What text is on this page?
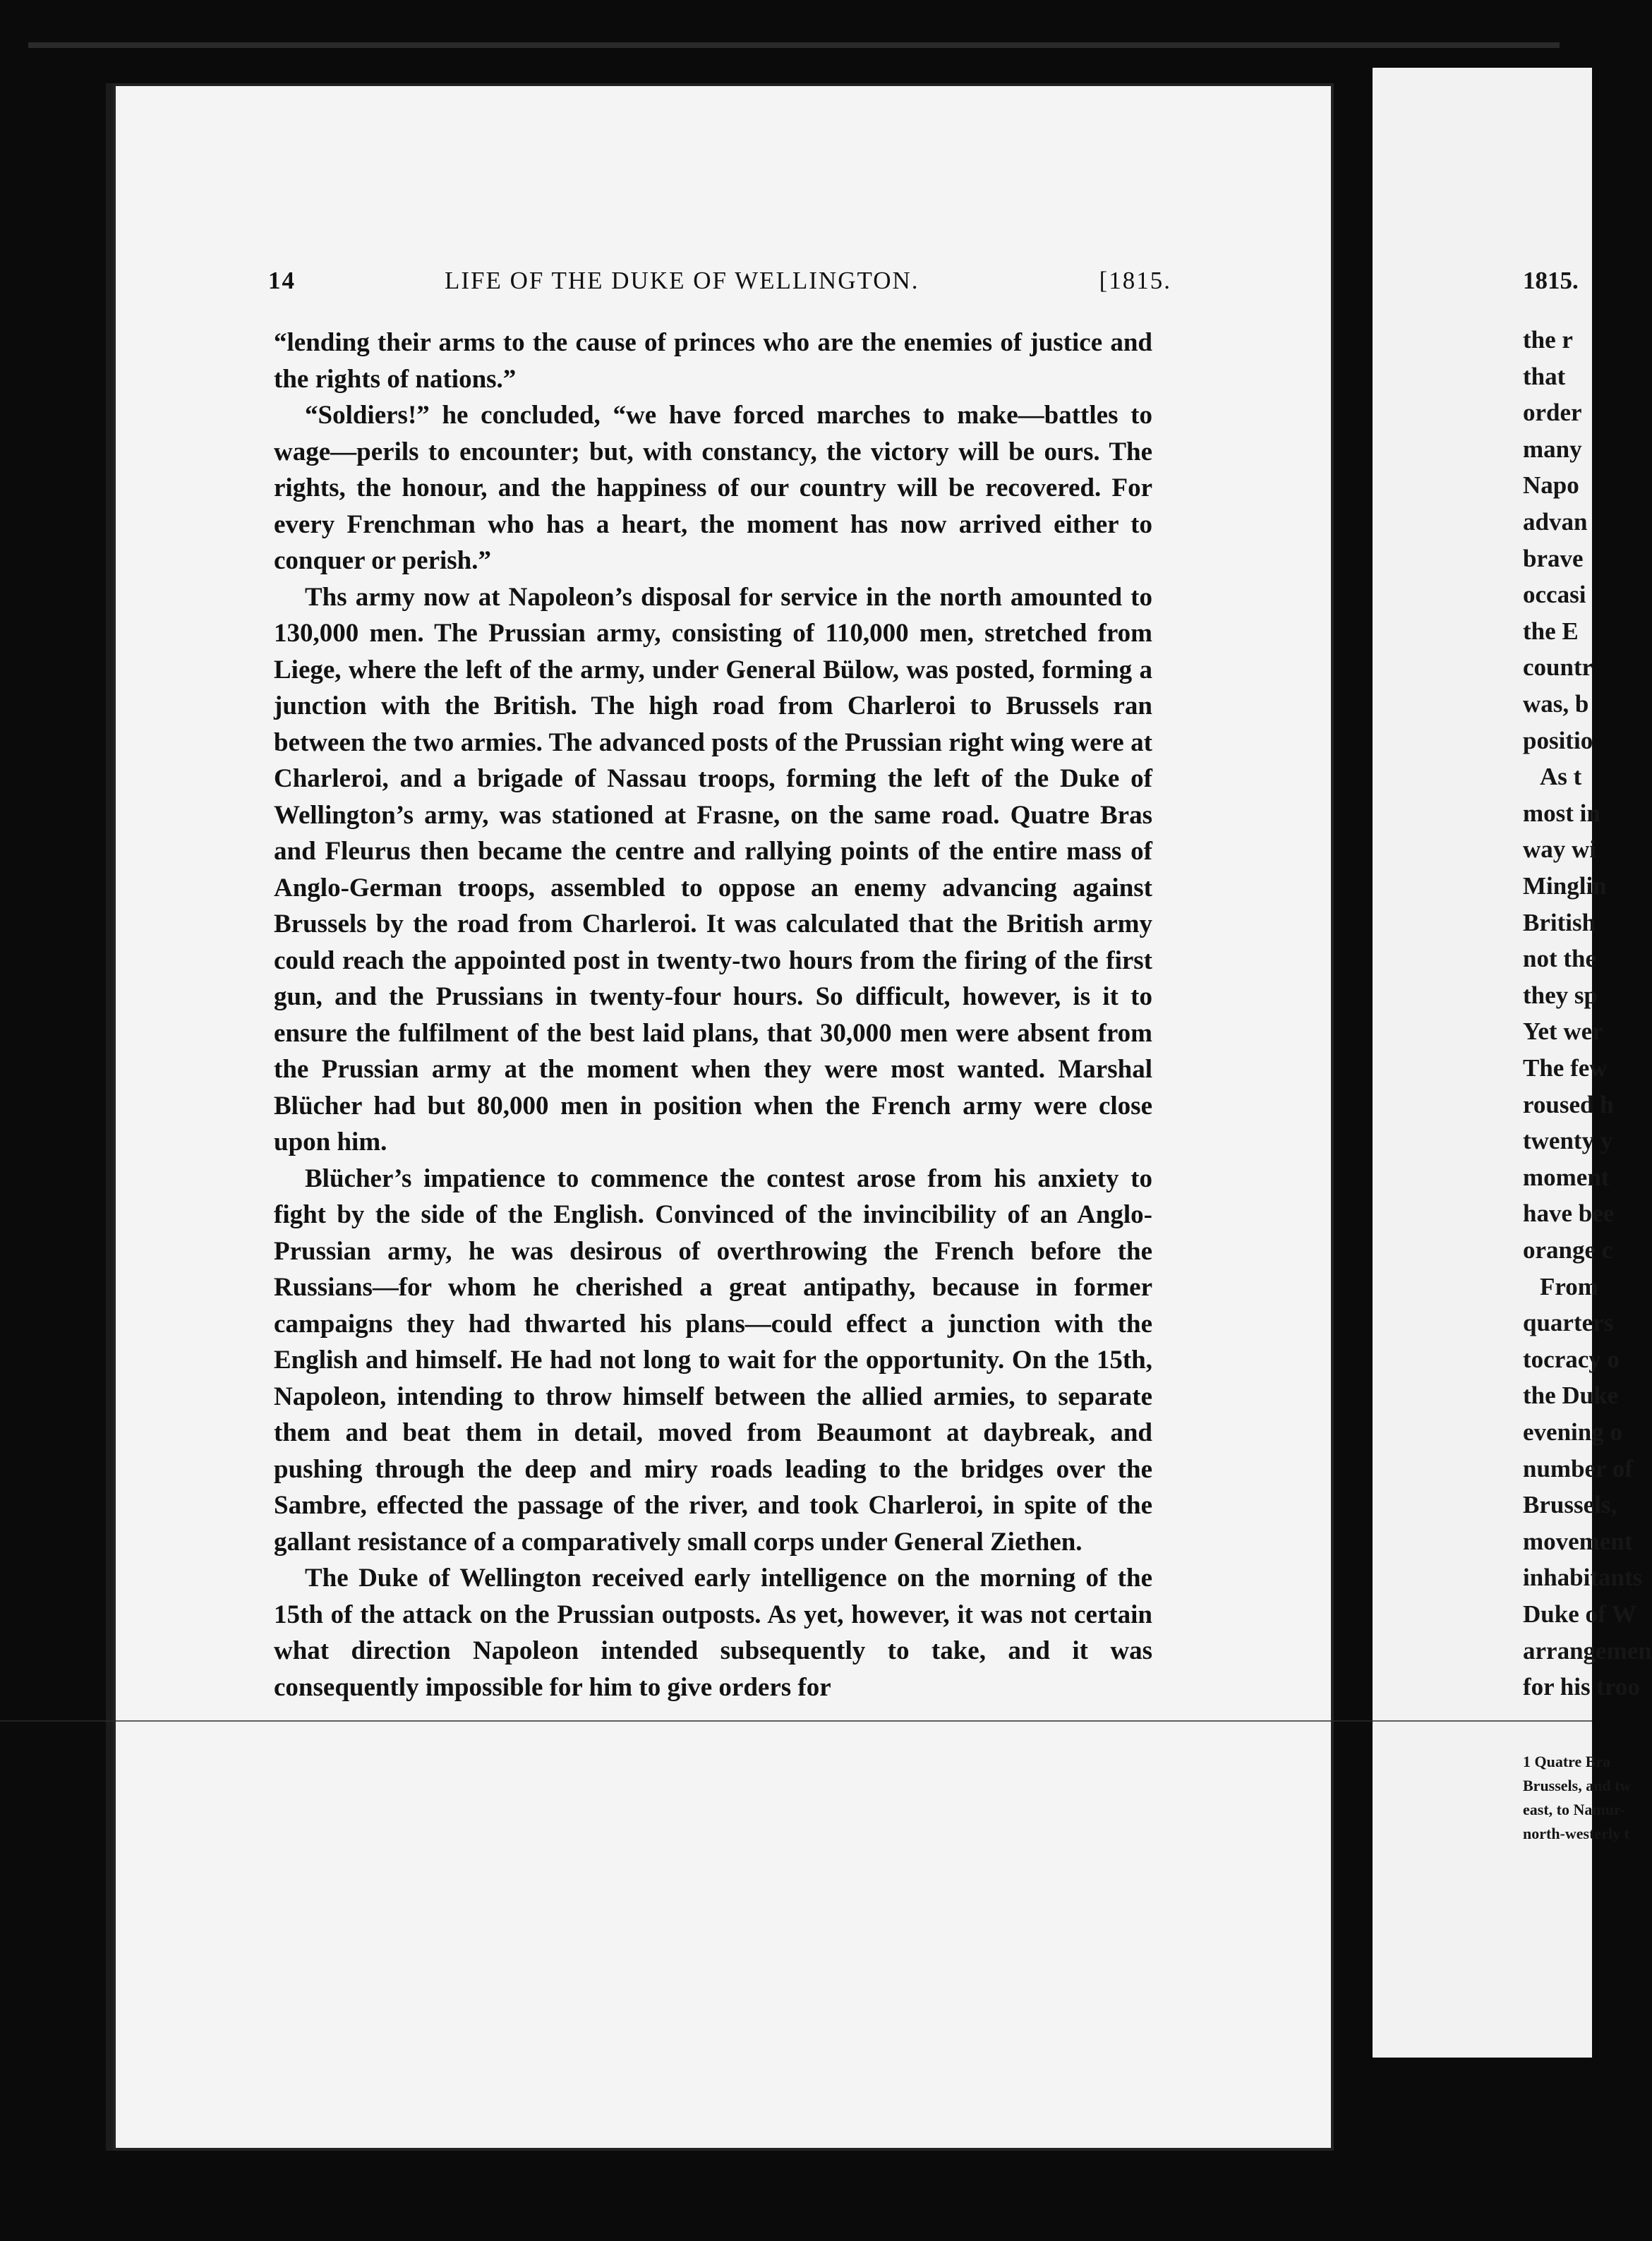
14	LIFE OF THE DUKE OF WELLINGTON.	[1815.

“lending their arms to the cause of princes who are the enemies of justice and the rights of nations.”

“Soldiers!” he concluded, “we have forced marches to make—battles to wage—perils to encounter; but, with constancy, the victory will be ours. The rights, the honour, and the happiness of our country will be recovered. For every Frenchman who has a heart, the moment has now arrived either to conquer or perish.”

Ths army now at Napoleon’s disposal for service in the north amounted to 130,000 men. The Prussian army, consisting of 110,000 men, stretched from Liege, where the left of the army, under General Bülow, was posted, forming a junction with the British. The high road from Charleroi to Brussels ran between the two armies. The advanced posts of the Prussian right wing were at Charleroi, and a brigade of Nassau troops, forming the left of the Duke of Wellington’s army, was stationed at Frasne, on the same road. Quatre Bras and Fleurus then became the centre and rallying points of the entire mass of Anglo-German troops, assembled to oppose an enemy advancing against Brussels by the road from Charleroi. It was calculated that the British army could reach the appointed post in twenty-two hours from the firing of the first gun, and the Prussians in twenty-four hours. So difficult, however, is it to ensure the fulfilment of the best laid plans, that 30,000 men were absent from the Prussian army at the moment when they were most wanted. Marshal Blücher had but 80,000 men in position when the French army were close upon him.

Blücher’s impatience to commence the contest arose from his anxiety to fight by the side of the English. Convinced of the invincibility of an Anglo-Prussian army, he was desirous of overthrowing the French before the Russians—for whom he cherished a great antipathy, because in former campaigns they had thwarted his plans—could effect a junction with the English and himself. He had not long to wait for the opportunity. On the 15th, Napoleon, intending to throw himself between the allied armies, to separate them and beat them in detail, moved from Beaumont at daybreak, and pushing through the deep and miry roads leading to the bridges over the Sambre, effected the passage of the river, and took Charleroi, in spite of the gallant resistance of a comparatively small corps under General Ziethen.

The Duke of Wellington received early intelligence on the morning of the 15th of the attack on the Prussian outposts. As yet, however, it was not certain what direction Napoleon intended subsequently to take, and it was consequently impossible for him to give orders for

1815.
the r
that
order
many
Napo
advan
brave
occasi
the E
countr
was, b
positio
As t
most in
way wi
Minglin
British
not the
they sp
Yet wer
The few
roused h
twenty y
moment
have bee
orange c
From
quarters
tocracy o
the Duke
evening o
number of
Brussels,
movement
inhabitants
Duke of W
arrangemen
for his troo
1 Quatre Bra
Brussels, and tw
east, to Namur-
north-westerly t
